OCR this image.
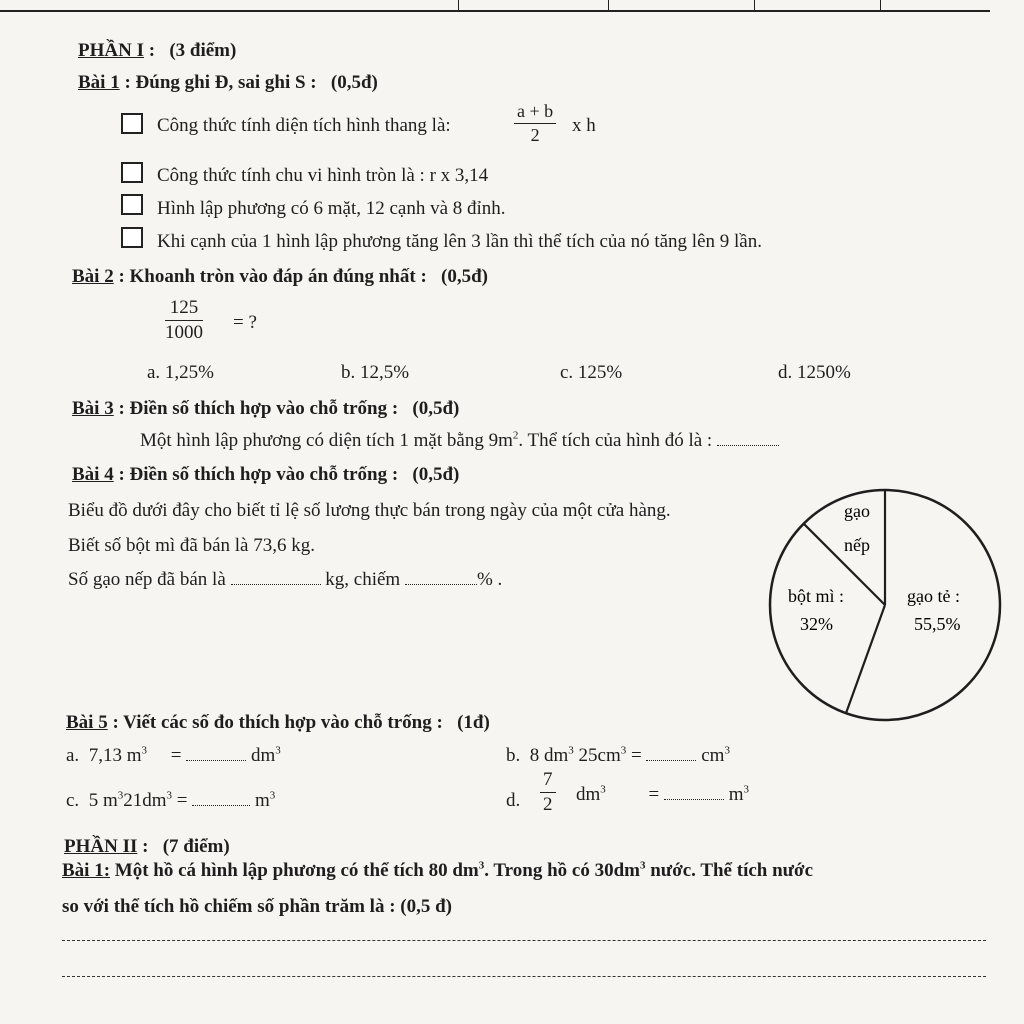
PHẦN I : (3 điểm)
Bài 1 : Đúng ghi Đ, sai ghi S : (0,5đ)
Công thức tính diện tích hình thang là:	$\frac{a + b}{2}$ x h
Công thức tính chu vi hình tròn là : r x 3,14
Hình lập phương có 6 mặt, 12 cạnh và 8 đỉnh.
Khi cạnh của 1 hình lập phương tăng lên 3 lần thì thể tích của nó tăng lên 9 lần.
Bài 2 : Khoanh tròn vào đáp án đúng nhất : (0,5đ)
$\frac{125}{1000}$ = ?
a. 1,25%	b. 12,5%	c. 125%	d. 1250%
Bài 3 : Điền số thích hợp vào chỗ trống : (0,5đ)
Một hình lập phương có diện tích 1 mặt bằng $9m^2$. Thể tích của hình đó là :
Bài 4 : Điền số thích hợp vào chỗ trống : (0,5đ)
Biểu đồ dưới đây cho biết tỉ lệ số lương thực bán trong ngày của một cửa hàng.
Biết số bột mì đã bán là 73,6 kg.
Số gạo nếp đã bán là	kg, chiếm	% .
gạo
nếp
bột mì :
32%
gạo tẻ :
55,5%
Bài 5 : Viết các số đo thích hợp vào chỗ trống : (1đ)
a. 7,13 $m^3$ =	$dm^3$	b. 8 $dm^3$ $25cm^3$ =	$cm^3$
c. 5 $m^321dm^3$ =	$m^3$	d. $\frac{7}{2} dm^3$ =	$m^3$
PHẦN II : (7 điểm)
Bài 1: Một hồ cá hình lập phương có thể tích 80 $dm^3$. Trong hồ có $30dm^3$ nước. Thể tích nước
so với thể tích hồ chiếm số phần trăm là : (0,5 đ)
